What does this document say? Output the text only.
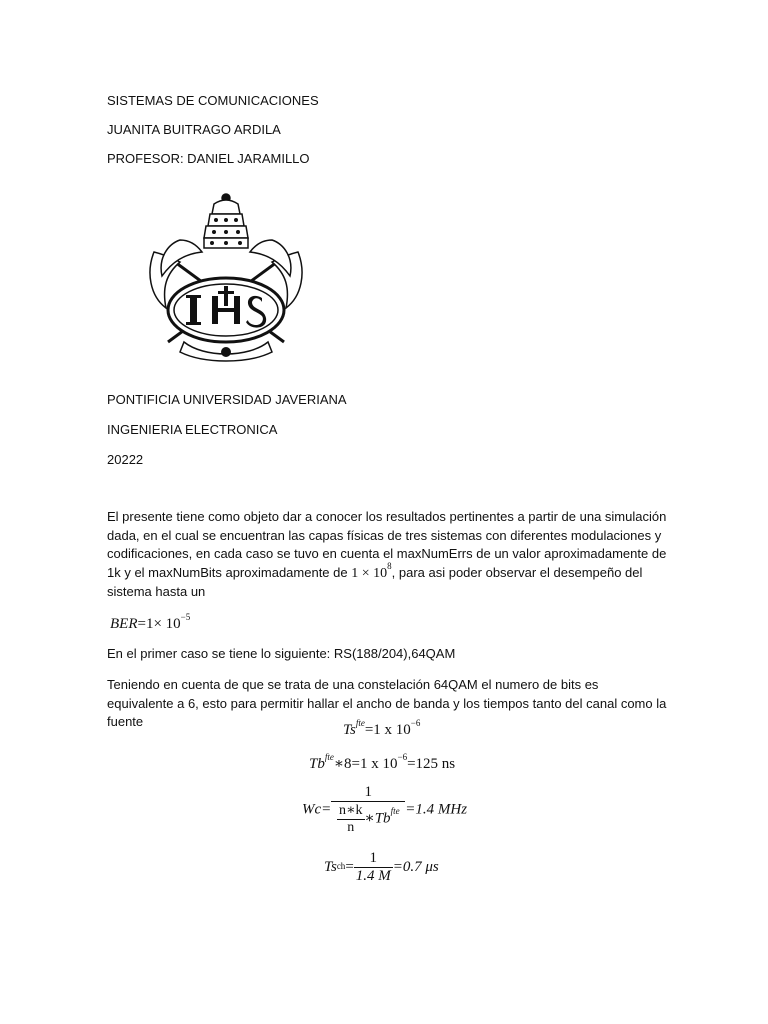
SISTEMAS DE COMUNICACIONES
JUANITA BUITRAGO ARDILA
PROFESOR: DANIEL JARAMILLO
PONTIFICIA UNIVERSIDAD JAVERIANA
INGENIERIA ELECTRONICA
20222
El presente tiene como objeto dar a conocer los resultados pertinentes a partir de una simulación dada, en el cual se encuentran las capas físicas de tres sistemas con diferentes modulaciones y codificaciones, en cada caso se tuvo en cuenta el maxNumErrs de un valor aproximadamente de 1k y el maxNumBits aproximadamente de $1 \times 10^8$, para asi poder observar el desempeño del sistema hasta un
$BER=1\times 10^{-5}$
En el primer caso se tiene lo siguiente: RS(188/204),64QAM
Teniendo en cuenta de que se trata de una constelación 64QAM el numero de bits es equivalente a 6, esto para permitir hallar el ancho de banda y los tiempos tanto del canal como la fuente
$Ts^{fte}=1$ x $10^{-6}$
$Tb^{fte}∗8=1$ x $10^{-6}=125$ ns
$Wc= \frac{1}{\frac{n∗k}{n} ∗Tb^{fte}} =1.4$ MHz
$Ts^{ch}= \frac{1}{1.4 M} =0.7$ μs
